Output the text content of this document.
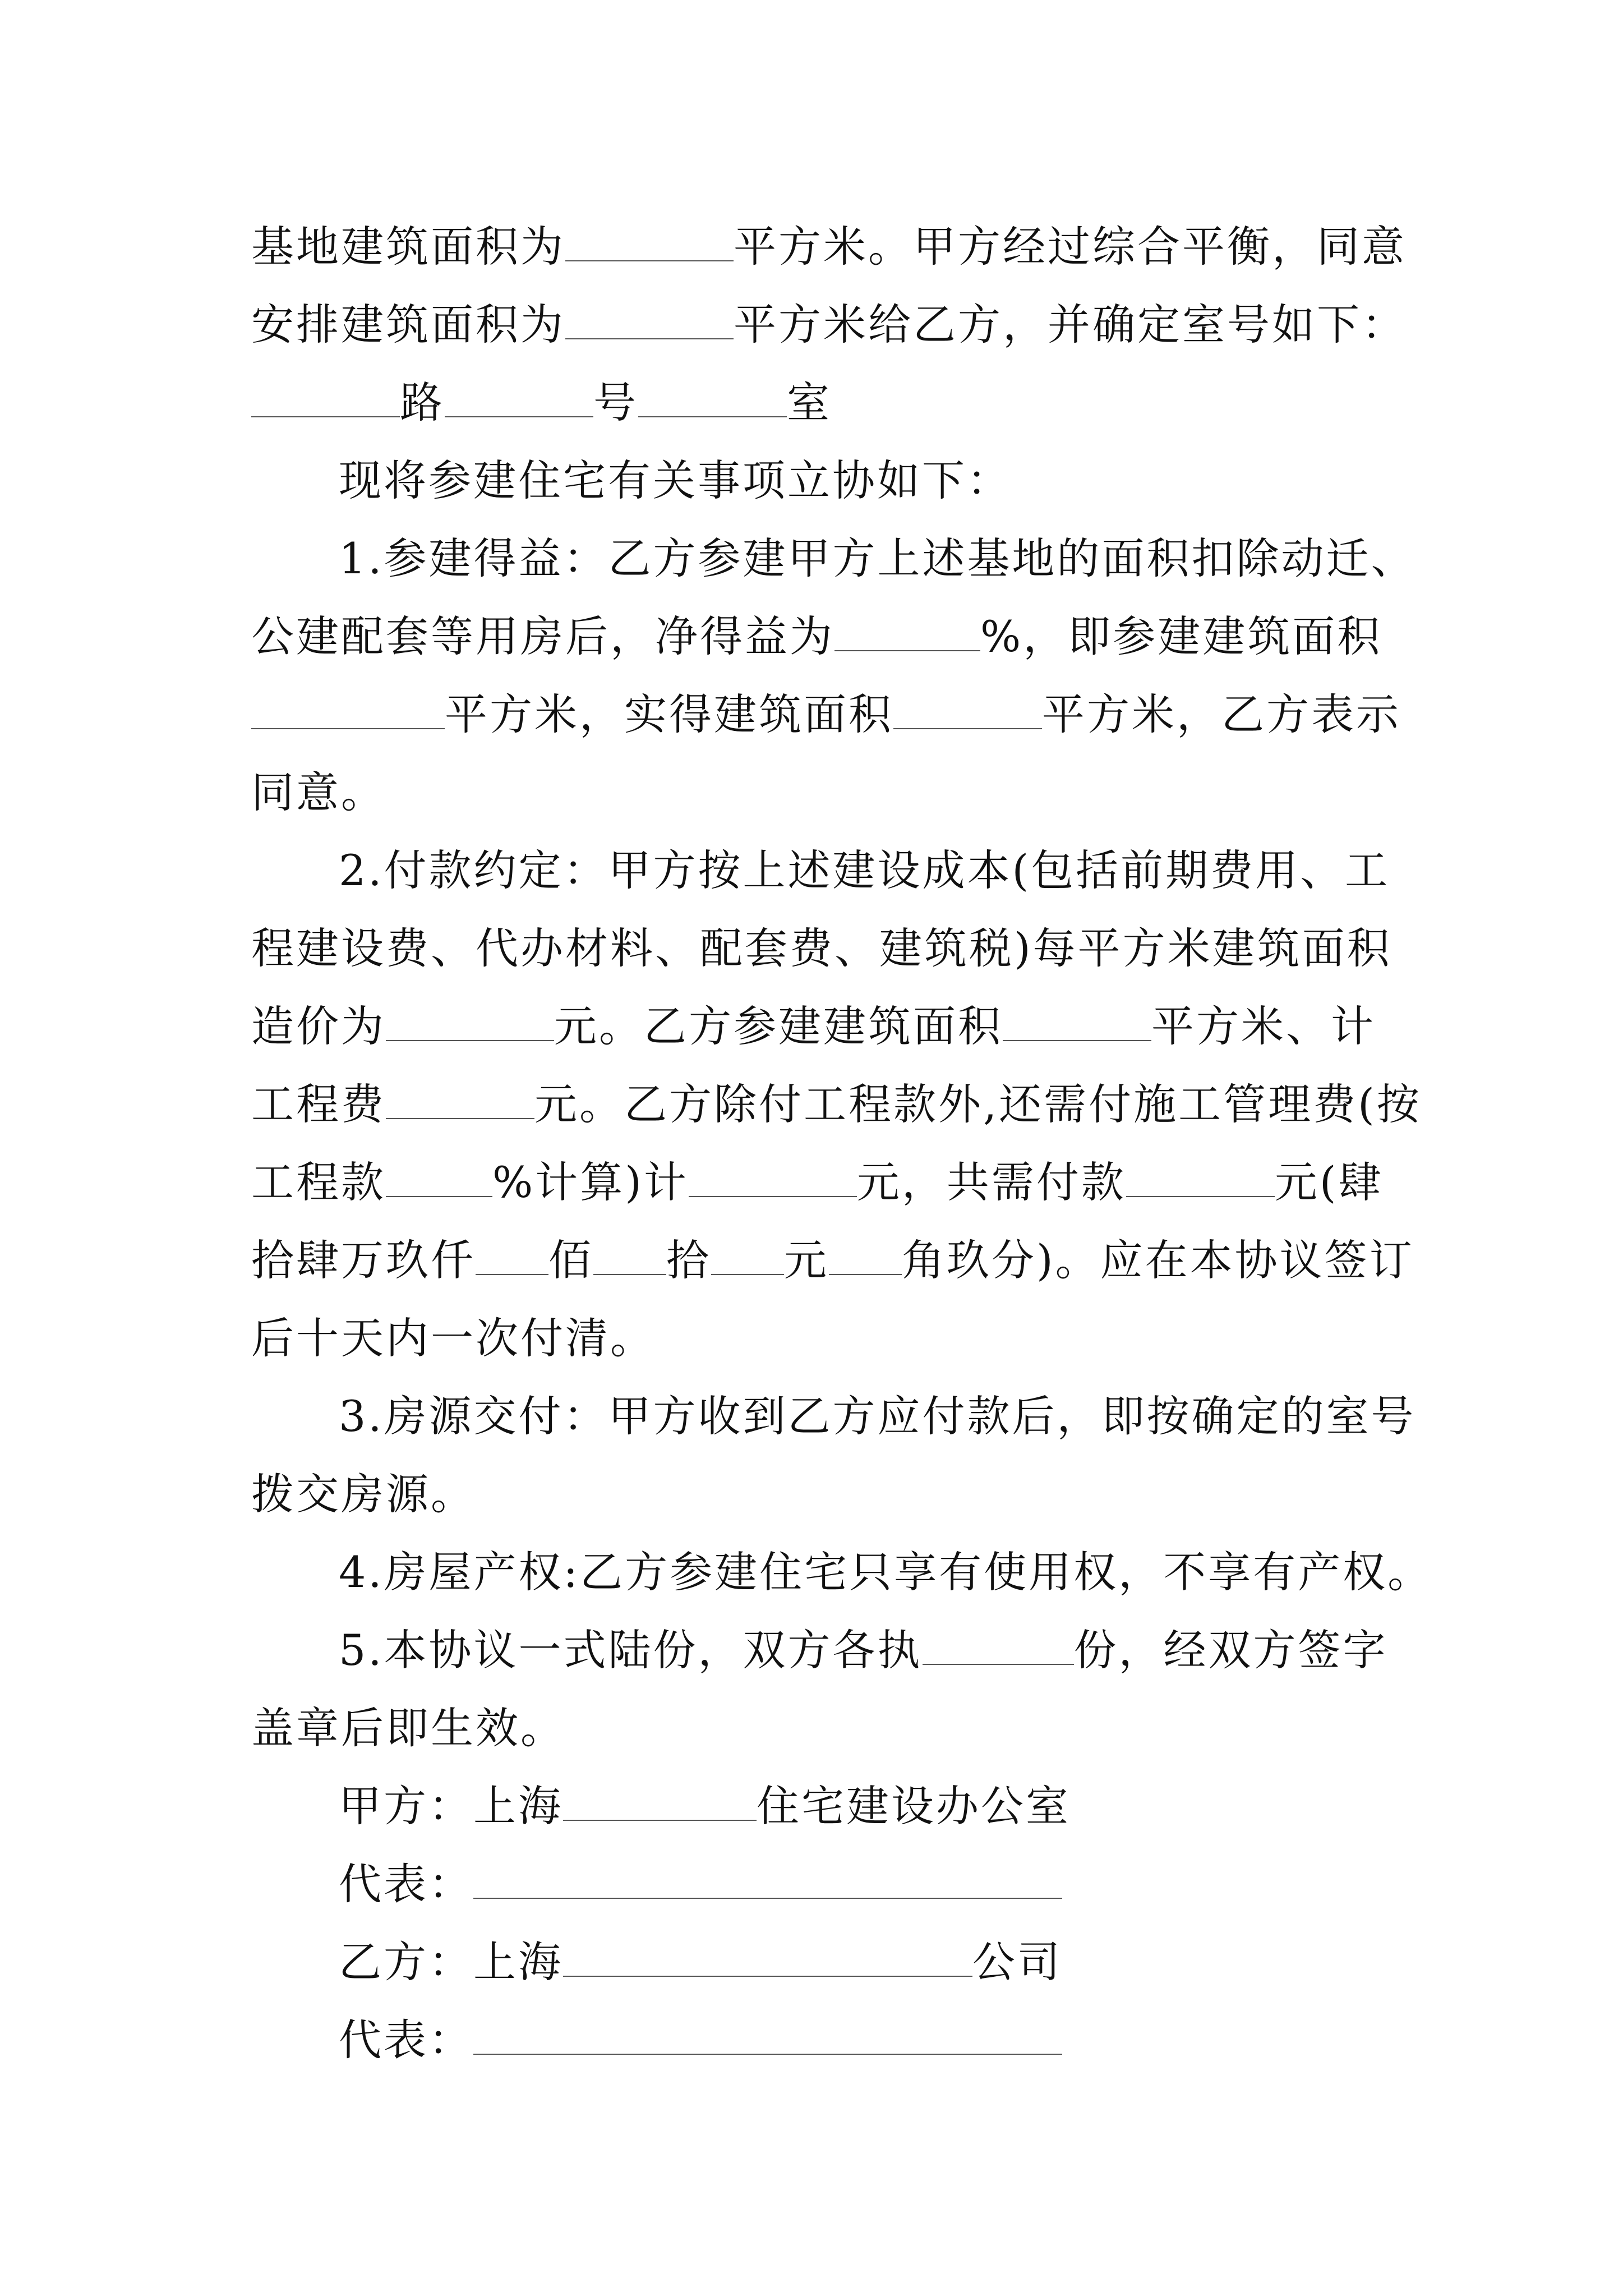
基地建筑面积为	平方米。甲方经过综合平衡，同意
安排建筑面积为	平方米给乙方，并确定室号如下：
路	号	室
现将参建住宅有关事项立协如下：
1.参建得益：乙方参建甲方上述基地的面积扣除动迁、
公建配套等用房后，净得益为	%，即参建建筑面积
平方米，实得建筑面积	平方米，乙方表示
同意。
2.付款约定：甲方按上述建设成本(包括前期费用、工
程建设费、代办材料、配套费、建筑税)每平方米建筑面积
造价为	元。乙方参建建筑面积	平方米、计
工程费	元。乙方除付工程款外,还需付施工管理费(按
工程款	%计算)计	元，共需付款	元(肆
拾肆万玖仟 佰 拾 元 角玖分)。应在本协议签订
后十天内一次付清。
3.房源交付：甲方收到乙方应付款后，即按确定的室号
拨交房源。
4.房屋产权:乙方参建住宅只享有使用权，不享有产权。
5.本协议一式陆份，双方各执	份，经双方签字
盖章后即生效。
甲方：上海	住宅建设办公室
代表：
乙方：上海	公司
代表：
